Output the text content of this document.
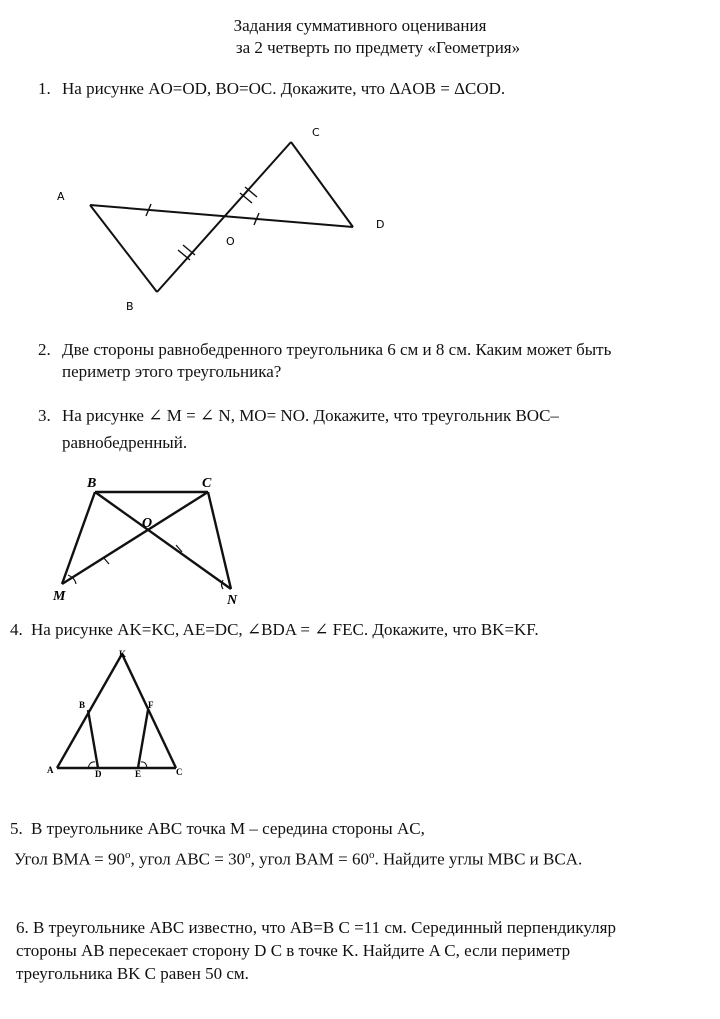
Задания суммативного оценивания
за 2 четверть по предмету «Геометрия»
1. На рисунке AO=OD, BO=OC. Докажите, что ΔAOB = ΔCOD.
A
B
C
D
O
2. Две стороны равнобедренного треугольника 6 см и 8 см. Каким может быть
периметр этого треугольника?
3. На рисунке ∠ M = ∠ N, MO= NO. Докажите, что треугольник BOC–
равнобедренный.
B	C
O
M	N
4. На рисунке AK=KC, AE=DC, ∠BDA = ∠ FEC. Докажите, что BK=KF.
K
B	F
A	D	E	C
5. В треугольнике ABC точка M – середина стороны AC,
Угол BMA = $90^o$, угол ABC = $30^o$, угол BAM = $60^o$. Найдите углы MBC и BCA.
6. В треугольнике ABC известно, что AB=B C =11 см. Серединный перпендикуляр
стороны AB пересекает сторону D C в точке K. Найдите A C, если периметр
треугольника BK C равен 50 см.
